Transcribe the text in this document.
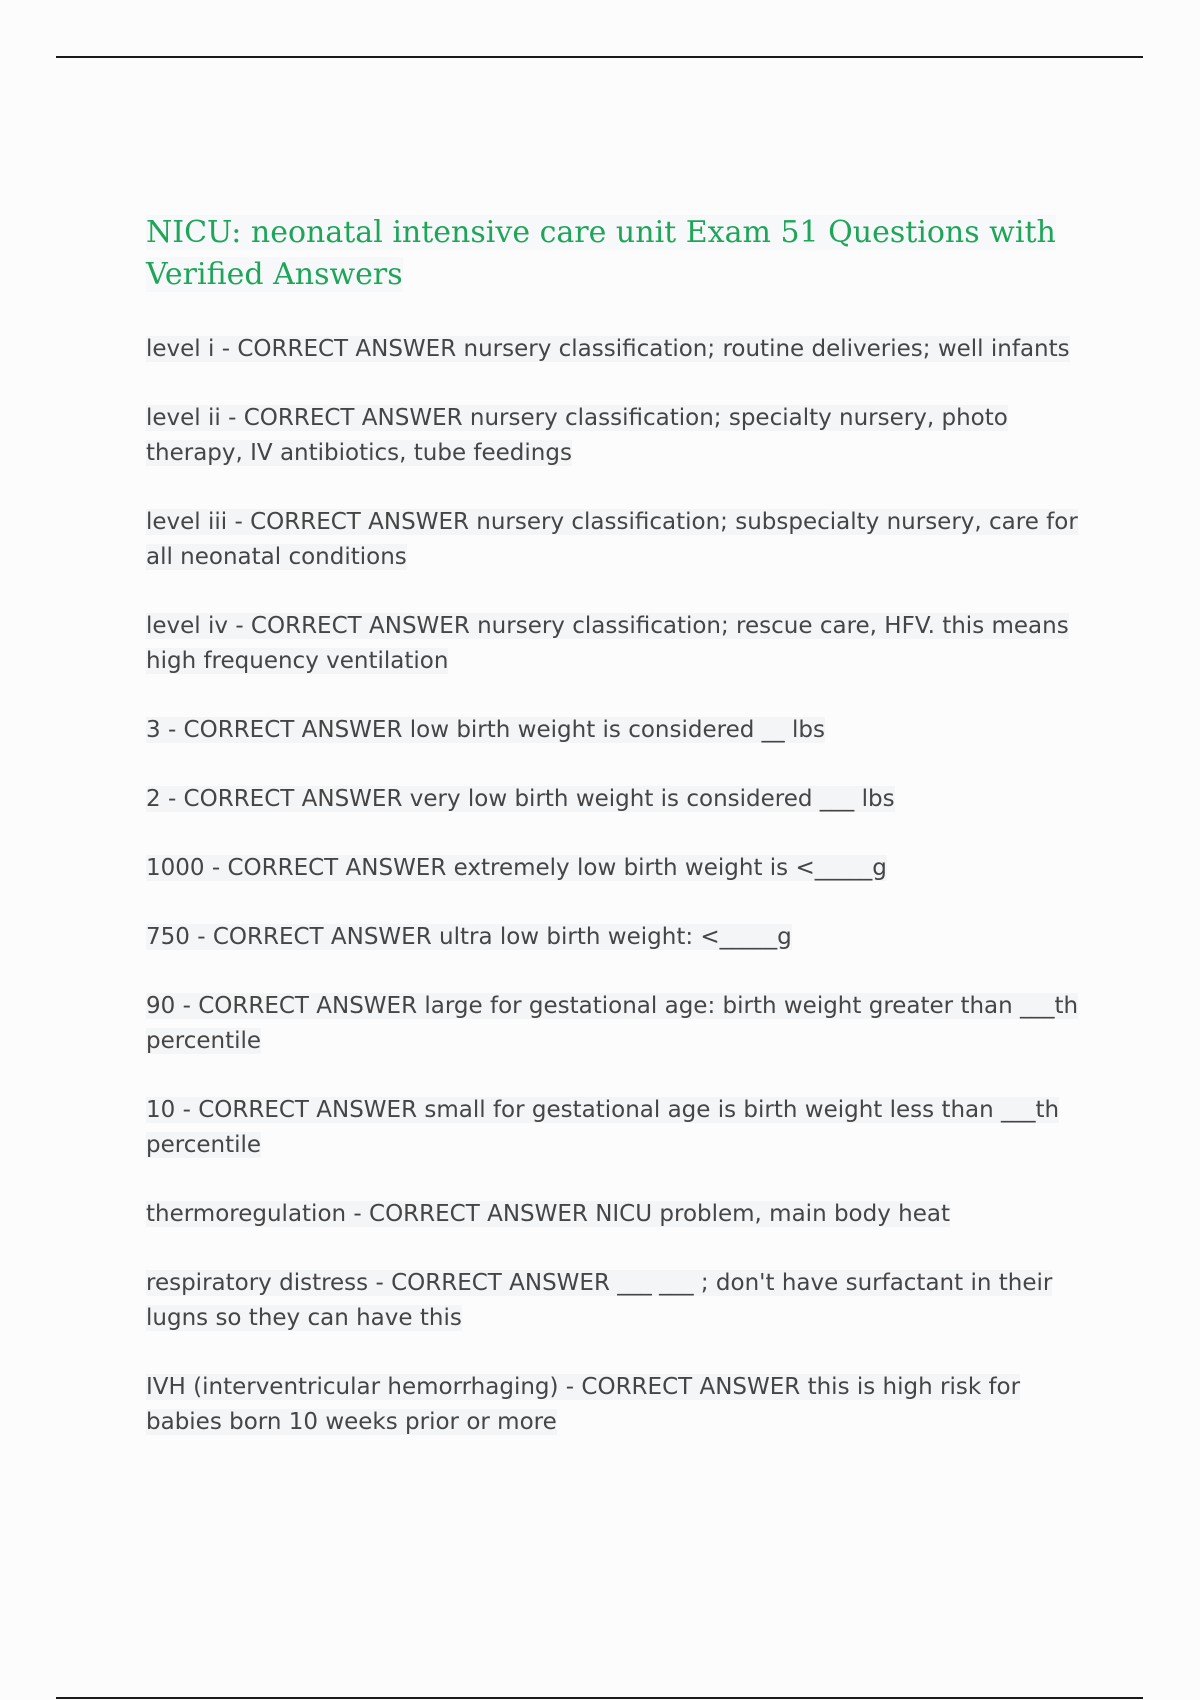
NICU: neonatal intensive care unit Exam 51 Questions with Verified Answers

level i - CORRECT ANSWER nursery classification; routine deliveries; well infants

level ii - CORRECT ANSWER nursery classification; specialty nursery, photo therapy, IV antibiotics, tube feedings

level iii - CORRECT ANSWER nursery classification; subspecialty nursery, care for all neonatal conditions

level iv - CORRECT ANSWER nursery classification; rescue care, HFV. this means high frequency ventilation

3 - CORRECT ANSWER low birth weight is considered __ lbs

2 - CORRECT ANSWER very low birth weight is considered ___ lbs

1000 - CORRECT ANSWER extremely low birth weight is <_____g

750 - CORRECT ANSWER ultra low birth weight: <_____g

90 - CORRECT ANSWER large for gestational age: birth weight greater than ___th percentile

10 - CORRECT ANSWER small for gestational age is birth weight less than ___th percentile

thermoregulation - CORRECT ANSWER NICU problem, main body heat

respiratory distress - CORRECT ANSWER ___ ___ ; don't have surfactant in their lugns so they can have this

IVH (interventricular hemorrhaging) - CORRECT ANSWER this is high risk for babies born 10 weeks prior or more
